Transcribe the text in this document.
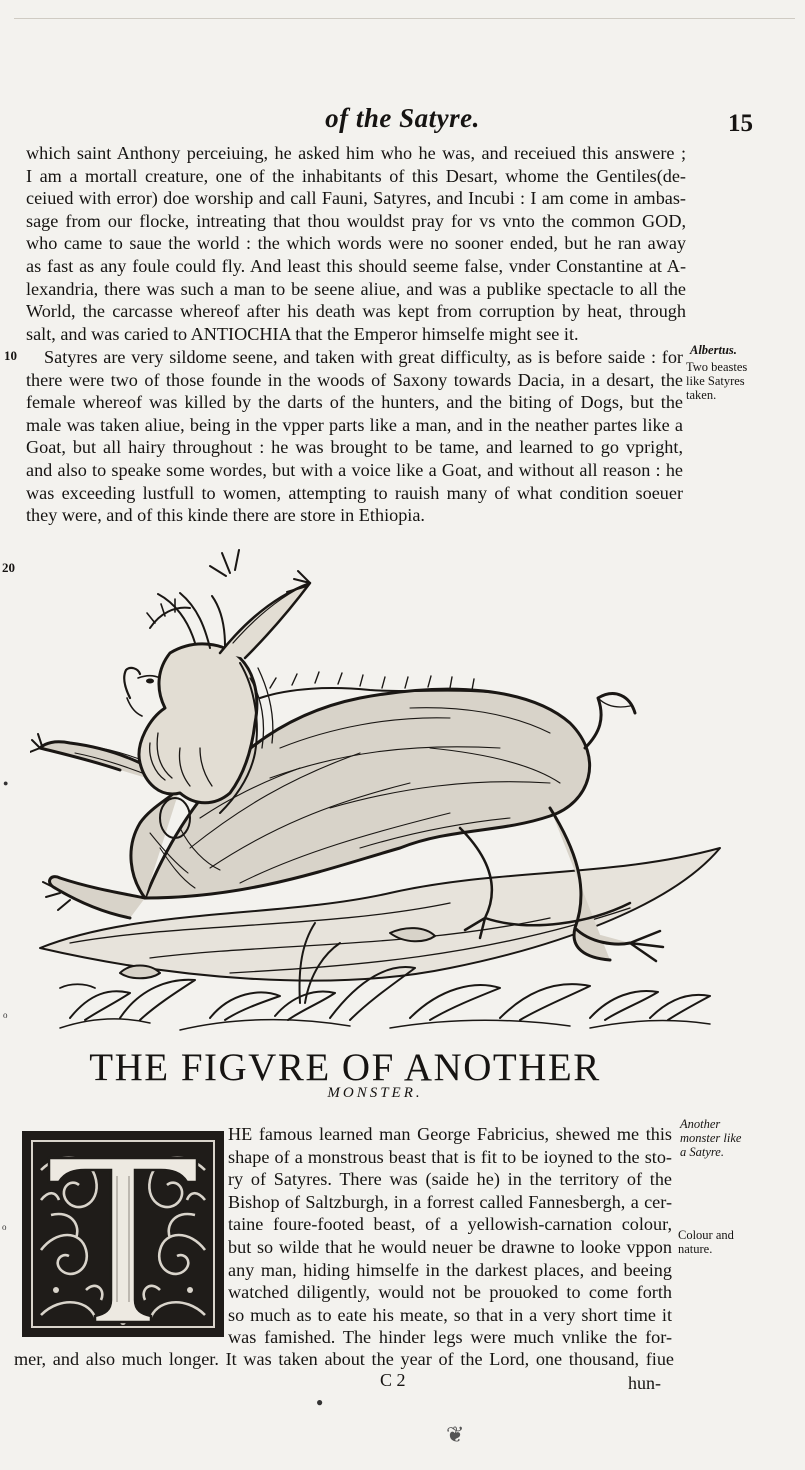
of the Satyre.	15
which saint Anthony perceiuing, he asked him who he was, and receiued this answere ;
I am a mortall creature, one of the inhabitants of this Desart, whome the Gentiles(de-
ceiued with error) doe worship and call Fauni, Satyres, and Incubi : I am come in ambas-
sage from our flocke, intreating that thou wouldst pray for vs vnto the common GOD,
who came to saue the world : the which words were no sooner ended, but he ran away
as fast as any foule could fly. And least this should seeme false, vnder Constantine at A-
lexandria, there was such a man to be seene aliue, and was a publike spectacle to all the
World, the carcasse whereof after his death was kept from corruption by heat, through
salt, and was caried to ANTIOCHIA that the Emperor himselfe might see it.
10	Satyres are very sildome seene, and taken with great difficulty, as is before saide : for
there were two of those founde in the woods of Saxony towards Dacia, in a desart, the
female whereof was killed by the darts of the hunters, and the biting of Dogs, but the
male was taken aliue, being in the vpper parts like a man, and in the neather partes like a
Goat, but all hairy throughout : he was brought to be tame, and learned to go vpright,
and also to speake some wordes, but with a voice like a Goat, and without all reason : he
was exceeding lustfull to women, attempting to rauish many of what condition soeuer
they were, and of this kinde there are store in Ethiopia.
Albertus.
Two beastes
like Satyres
taken.
20
●
o
o
THE FIGVRE OF ANOTHER
MONSTER.
HE famous learned man George Fabricius, shewed me this
shape of a monstrous beast that is fit to be ioyned to the sto-
ry of Satyres. There was (saide he) in the territory of the
Bishop of Saltzburgh, in a forrest called Fannesbergh, a cer-
taine foure-footed beast, of a yellowish-carnation colour,
but so wilde that he would neuer be drawne to looke vppon
any man, hiding himselfe in the darkest places, and beeing
watched diligently, would not be prouoked to come forth
so much as to eate his meate, so that in a very short time it
was famished. The hinder legs were much vnlike the for-
mer, and also much longer. It was taken about the year of the Lord, one thousand, fiue
Another
monster like
a Satyre.
Colour and
nature.
C 2	hun-
●
❦
